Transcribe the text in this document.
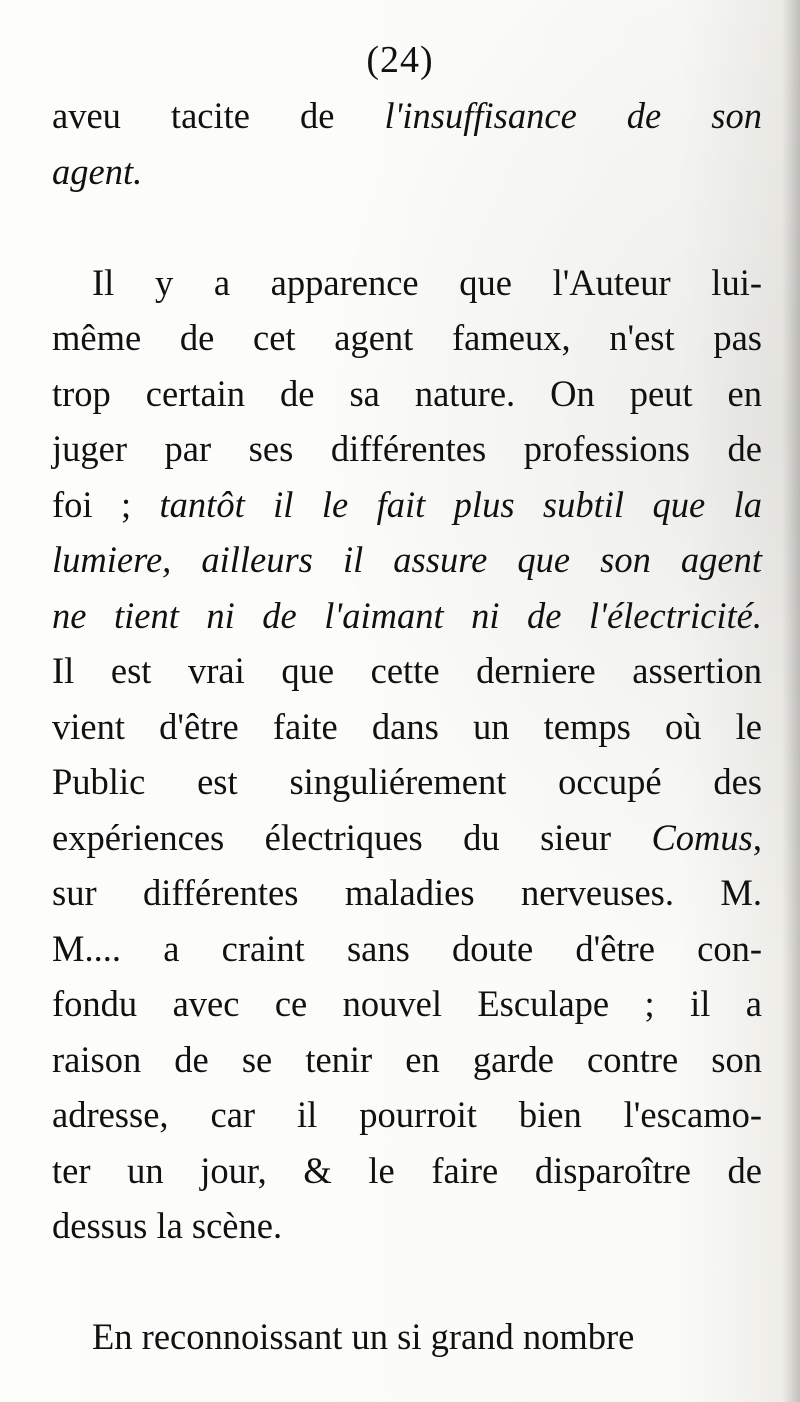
(24)
aveu tacite de l'insuffisance de son
agent.
Il y a apparence que l'Auteur lui-
même de cet agent fameux, n'est pas
trop certain de sa nature. On peut en
juger par ses différentes professions de
foi ; tantôt il le fait plus subtil que la
lumiere, ailleurs il assure que son agent
ne tient ni de l'aimant ni de l'électricité.
Il est vrai que cette derniere assertion
vient d'être faite dans un temps où le
Public est singuliérement occupé des
expériences électriques du sieur Comus,
sur différentes maladies nerveuses. M.
M.... a craint sans doute d'être con-
fondu avec ce nouvel Esculape ; il a
raison de se tenir en garde contre son
adresse, car il pourroit bien l'escamo-
ter un jour, & le faire disparoître de
dessus la scène.
En reconnoissant un si grand nombre
